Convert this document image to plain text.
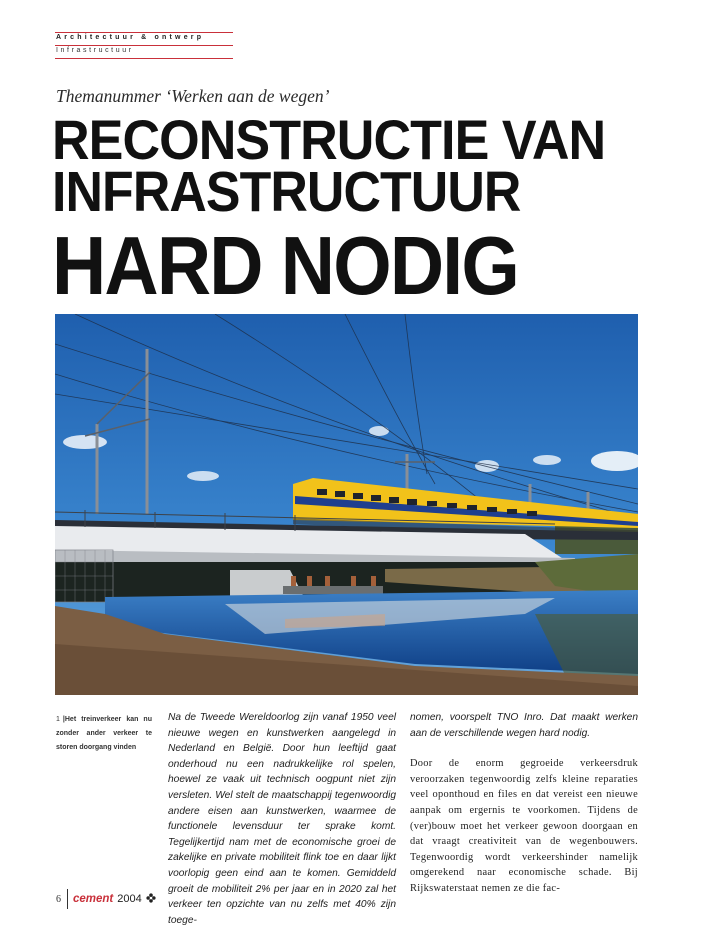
Architectuur & ontwerp
Infrastructuur
Themanummer ‘Werken aan de wegen’
RECONSTRUCTIE VAN
INFRASTRUCTUUR
HARD NODIG
1 |Het treinverkeer kan nu zonder ander verkeer te storen doorgang vinden
Na de Tweede Wereldoorlog zijn vanaf 1950 veel nieuwe wegen en kunstwerken aangelegd in Nederland en België. Door hun leeftijd gaat onderhoud nu een nadrukkelijke rol spelen, hoewel ze vaak uit technisch oogpunt niet zijn versleten. Wel stelt de maatschappij tegenwoordig andere eisen aan kunstwerken, waarmee de functionele levensduur ter sprake komt. Tegelijkertijd nam met de economische groei de zakelijke en private mobiliteit flink toe en daar lijkt voorlopig geen eind aan te komen. Gemiddeld groeit de mobiliteit 2% per jaar en in 2020 zal het verkeer ten opzichte van nu zelfs met 40% zijn toege-

nomen, voorspelt TNO Inro. Dat maakt werken aan de verschillende wegen hard nodig.

Door de enorm gegroeide verkeersdruk veroorzaken tegenwoordig zelfs kleine reparaties veel oponthoud en files en dat vereist een nieuwe aanpak om ergernis te voorkomen. Tijdens de (ver)bouw moet het verkeer gewoon doorgaan en dat vraagt creativiteit van de wegenbouwers. Tegenwoordig wordt verkeershinder namelijk omgerekend naar economische schade. Bij Rijkswaterstaat nemen ze die fac-

6 cement 2004
